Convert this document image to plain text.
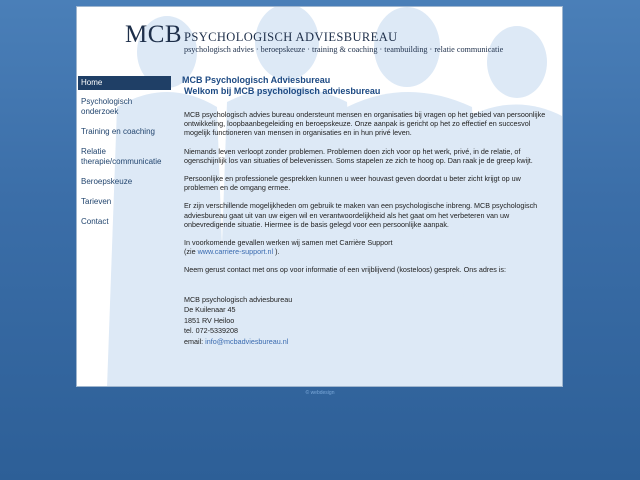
MCB PSYCHOLOGISCH ADVIESBUREAU
psychologisch advies · beroepskeuze · training & coaching · teambuilding · relatie communicatie
Home
Psychologisch onderzoek
Training en coaching
Relatie therapie/communicatie
Beroepskeuze
Tarieven
Contact

MCB Psychologisch Adviesbureau

Welkom bij MCB psychologisch adviesbureau

MCB psychologisch advies bureau ondersteunt mensen en organisaties bij vragen op het gebied van persoonlijke ontwikkeling, loopbaanbegeleiding en beroepskeuze. Onze aanpak is gericht op het zo effectief en succesvol mogelijk functioneren van mensen in organisaties en in hun privé leven.

Niemands leven verloopt zonder problemen. Problemen doen zich voor op het werk, privé, in de relatie, of ogenschijnlijk los van situaties of belevenissen. Soms stapelen ze zich te hoog op. Dan raak je de greep kwijt.

Persoonlijke en professionele gesprekken kunnen u weer houvast geven doordat u beter zicht krijgt op uw problemen en de omgang ermee.

Er zijn verschillende mogelijkheden om gebruik te maken van een psychologische inbreng. MCB psychologisch adviesbureau gaat uit van uw eigen wil en verantwoordelijkheid als het gaat om het verbeteren van uw onbevredigende situatie. Hiermee is de basis gelegd voor een persoonlijke aanpak.

In voorkomende gevallen werken wij samen met Carrière Support
(zie www.carriere-support.nl ).

Neem gerust contact met ons op voor informatie of een vrijblijvend (kosteloos) gesprek. Ons adres is:

MCB psychologisch adviesbureau
De Kuilenaar 45
1851 RV Heiloo
tel. 072-5339208
email: info@mcbadviesbureau.nl
© webdesign
